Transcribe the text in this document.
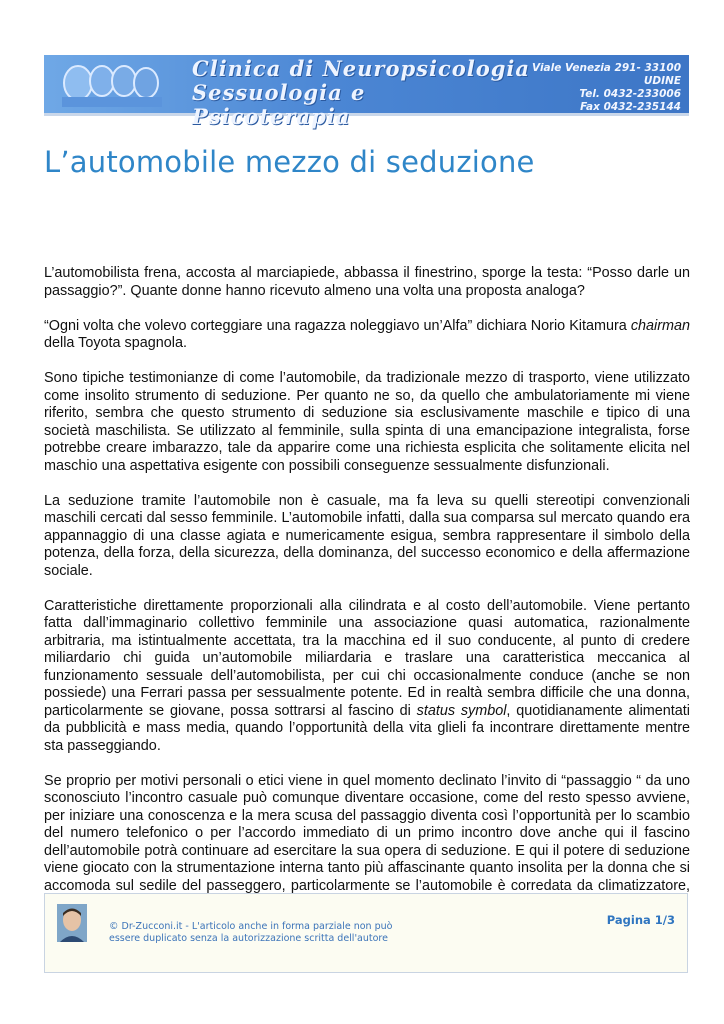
Clinica di Neuropsicologia
Sessuologia e Psicoterapia
Viale Venezia 291- 33100 UDINE
Tel. 0432-233006
Fax 0432-235144
L’automobile mezzo di seduzione

L’automobilista frena, accosta al marciapiede, abbassa il finestrino, sporge la testa: “Posso darle un passaggio?”. Quante donne hanno ricevuto almeno una volta una proposta analoga?

“Ogni volta che volevo corteggiare una ragazza noleggiavo un’Alfa” dichiara Norio Kitamura chairman della Toyota spagnola.

Sono tipiche testimonianze di come l’automobile, da tradizionale mezzo di trasporto, viene utilizzato come insolito strumento di seduzione. Per quanto ne so, da quello che ambulatoriamente mi viene riferito, sembra che questo strumento di seduzione sia esclusivamente maschile e tipico di una società maschilista. Se utilizzato al femminile, sulla spinta di una emancipazione integralista, forse potrebbe creare imbarazzo, tale da apparire come una richiesta esplicita che solitamente elicita nel maschio una aspettativa esigente con possibili conseguenze sessualmente disfunzionali.

La seduzione tramite l’automobile non è casuale, ma fa leva su quelli stereotipi convenzionali maschili cercati dal sesso femminile. L’automobile infatti, dalla sua comparsa sul mercato quando era appannaggio di una classe agiata e numericamente esigua, sembra rappresentare il simbolo della potenza, della forza, della sicurezza, della dominanza, del successo economico e della affermazione sociale.

Caratteristiche direttamente proporzionali alla cilindrata e al costo dell’automobile. Viene pertanto fatta dall’immaginario collettivo femminile una associazione quasi automatica, razionalmente arbitraria, ma istintualmente accettata, tra la macchina ed il suo conducente, al punto di credere miliardario chi guida un’automobile miliardaria e traslare una caratteristica meccanica al funzionamento sessuale dell’automobilista, per cui chi occasionalmente conduce (anche se non possiede) una Ferrari passa per sessualmente potente. Ed in realtà sembra difficile che una donna, particolarmente se giovane, possa sottrarsi al fascino di status symbol, quotidianamente alimentati da pubblicità e mass media, quando l’opportunità della vita glieli fa incontrare direttamente mentre sta passeggiando.

Se proprio per motivi personali o etici viene in quel momento declinato l’invito di “passaggio “ da uno sconosciuto l’incontro casuale può comunque diventare occasione, come del resto spesso avviene, per iniziare una conoscenza e la mera scusa del passaggio diventa così l’opportunità per lo scambio del numero telefonico o per l’accordo immediato di un primo incontro dove anche qui il fascino dell’automobile potrà continuare ad esercitare la sua opera di seduzione. E qui il potere di seduzione viene giocato con la strumentazione interna tanto più affascinante quanto insolita per la donna che si accomoda sul sedile del passeggero, particolarmente se l’automobile è corredata da climatizzatore,

© Dr-Zucconi.it - L'articolo anche in forma parziale non può
essere duplicato senza la autorizzazione scritta dell'autore
Pagina 1/3
